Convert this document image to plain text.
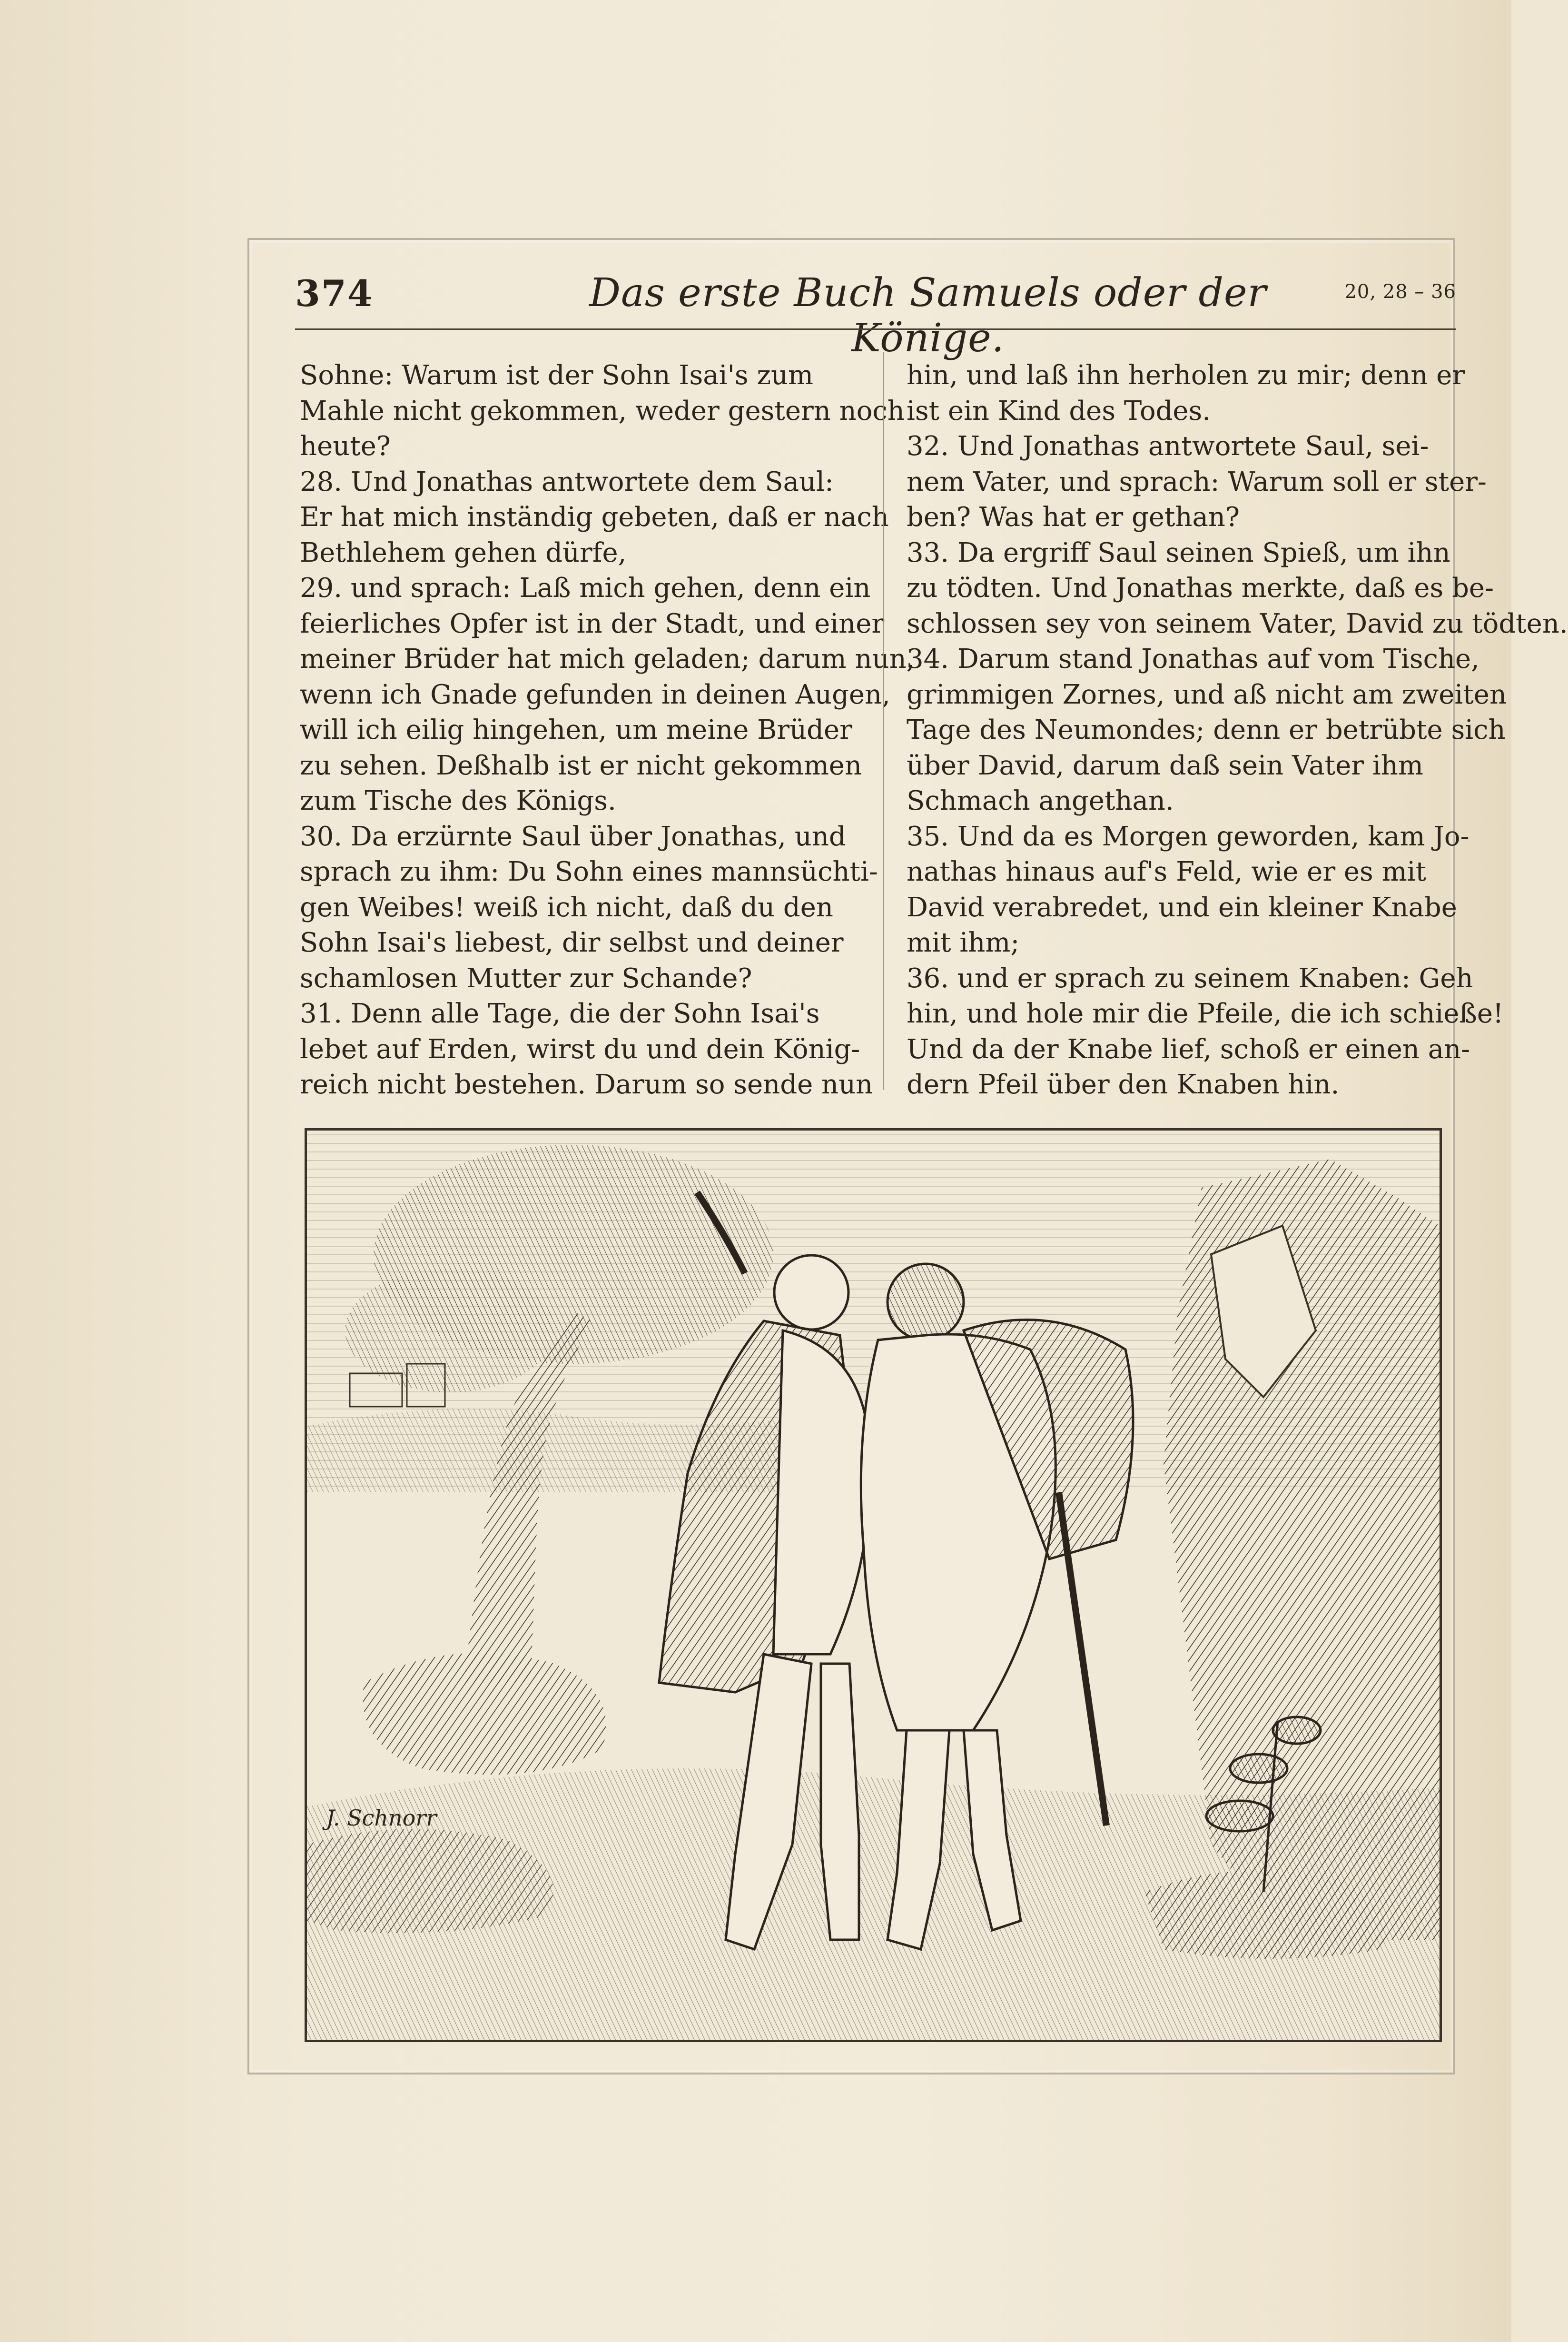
374	Das erste Buch Samuels oder der Könige.
20, 28 – 36
Sohne: Warum ist der Sohn Isai's zum
Mahle nicht gekommen, weder gestern noch
heute?
28. Und Jonathas antwortete dem Saul:
Er hat mich inständig gebeten, daß er nach
Bethlehem gehen dürfe,
29. und sprach: Laß mich gehen, denn ein
feierliches Opfer ist in der Stadt, und einer
meiner Brüder hat mich geladen; darum nun,
wenn ich Gnade gefunden in deinen Augen,
will ich eilig hingehen, um meine Brüder
zu sehen. Deßhalb ist er nicht gekommen
zum Tische des Königs.
30. Da erzürnte Saul über Jonathas, und
sprach zu ihm: Du Sohn eines mannsüchti-
gen Weibes! weiß ich nicht, daß du den
Sohn Isai's liebest, dir selbst und deiner
schamlosen Mutter zur Schande?
31. Denn alle Tage, die der Sohn Isai's
lebet auf Erden, wirst du und dein König-
reich nicht bestehen. Darum so sende nun
hin, und laß ihn herholen zu mir; denn er
ist ein Kind des Todes.
32. Und Jonathas antwortete Saul, sei-
nem Vater, und sprach: Warum soll er ster-
ben? Was hat er gethan?
33. Da ergriff Saul seinen Spieß, um ihn
zu tödten. Und Jonathas merkte, daß es be-
schlossen sey von seinem Vater, David zu tödten.
34. Darum stand Jonathas auf vom Tische,
grimmigen Zornes, und aß nicht am zweiten
Tage des Neumondes; denn er betrübte sich
über David, darum daß sein Vater ihm
Schmach angethan.
35. Und da es Morgen geworden, kam Jo-
nathas hinaus auf's Feld, wie er es mit
David verabredet, und ein kleiner Knabe
mit ihm;
36. und er sprach zu seinem Knaben: Geh
hin, und hole mir die Pfeile, die ich schieße!
Und da der Knabe lief, schoß er einen an-
dern Pfeil über den Knaben hin.
J. Schnorr
